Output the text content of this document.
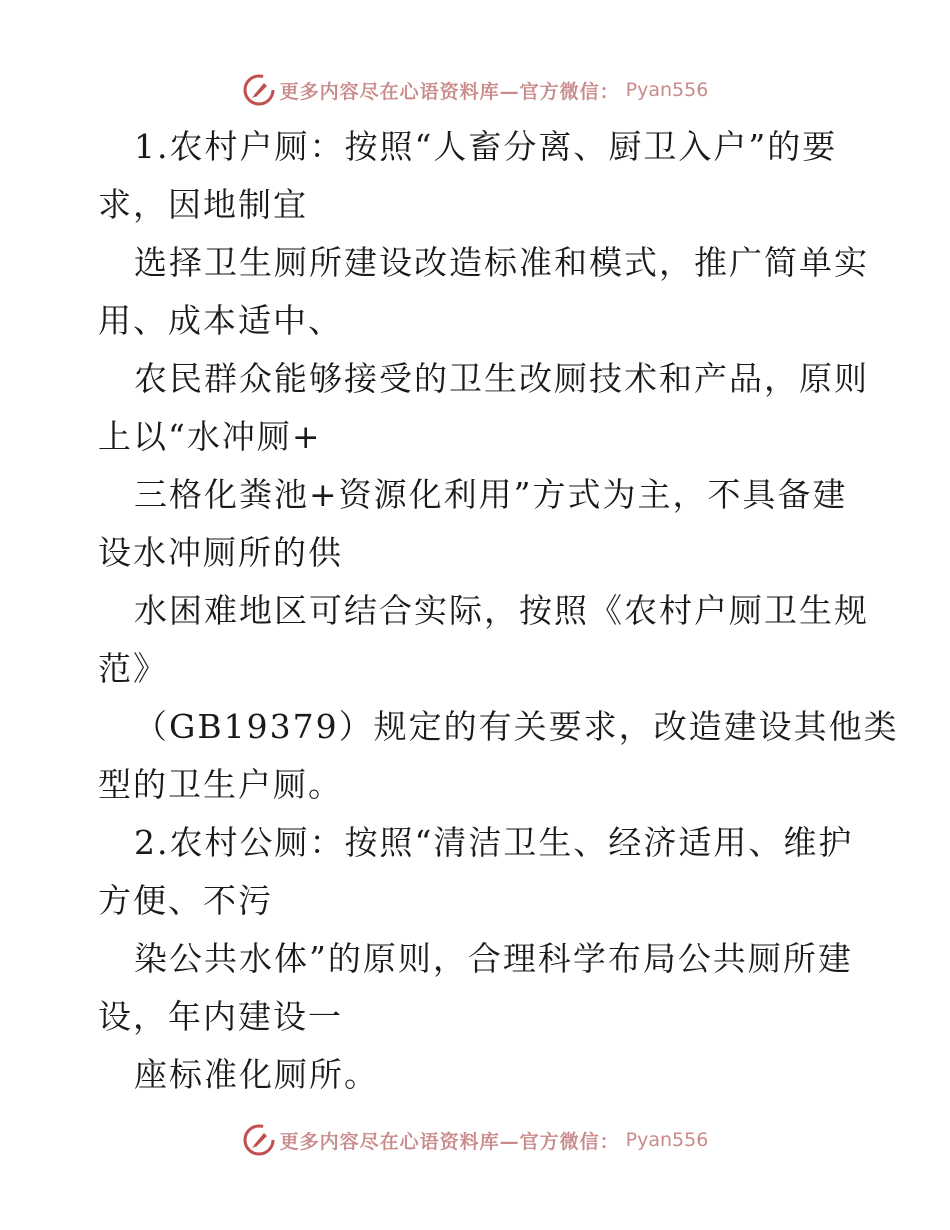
更多内容尽在心语资料库—官方微信： Pyan556
1.农村户厕：按照“人畜分离、厨卫入户”的要
求，因地制宜
选择卫生厕所建设改造标准和模式，推广简单实
用、成本适中、
农民群众能够接受的卫生改厕技术和产品，原则
上以“水冲厕+
三格化粪池+资源化利用”方式为主，不具备建
设水冲厕所的供
水困难地区可结合实际，按照《农村户厕卫生规
范》
（GB19379）规定的有关要求，改造建设其他类
型的卫生户厕。
2.农村公厕：按照“清洁卫生、经济适用、维护
方便、不污
染公共水体”的原则，合理科学布局公共厕所建
设，年内建设一
座标准化厕所。
更多内容尽在心语资料库—官方微信： Pyan556
